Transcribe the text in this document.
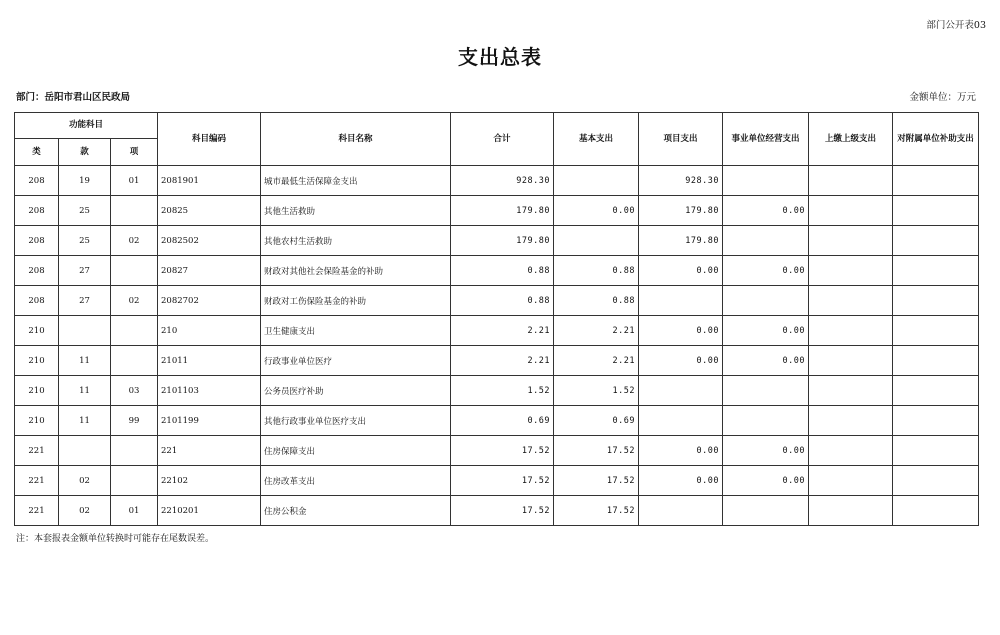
部门公开表03
支出总表
部门：岳阳市君山区民政局	金额单位：万元
功能科目			科目编码	科目名称	合计	基本支出	项目支出	事业单位经营支出	上缴上级支出	对附属单位补助支出
类	款	项								
208	19	01	2081901	城市最低生活保障金支出	928.30		928.30			
208	25		20825	其他生活救助	179.80	0.00	179.80	0.00		
208	25	02	2082502	其他农村生活救助	179.80		179.80			
208	27		20827	财政对其他社会保险基金的补助	0.88	0.88	0.00	0.00		
208	27	02	2082702	财政对工伤保险基金的补助	0.88	0.88				
210			210	卫生健康支出	2.21	2.21	0.00	0.00		
210	11		21011	行政事业单位医疗	2.21	2.21	0.00	0.00		
210	11	03	2101103	公务员医疗补助	1.52	1.52				
210	11	99	2101199	其他行政事业单位医疗支出	0.69	0.69				
221			221	住房保障支出	17.52	17.52	0.00	0.00		
221	02		22102	住房改革支出	17.52	17.52	0.00	0.00		
221	02	01	2210201	住房公积金	17.52	17.52				
注：本套报表金额单位转换时可能存在尾数误差。
